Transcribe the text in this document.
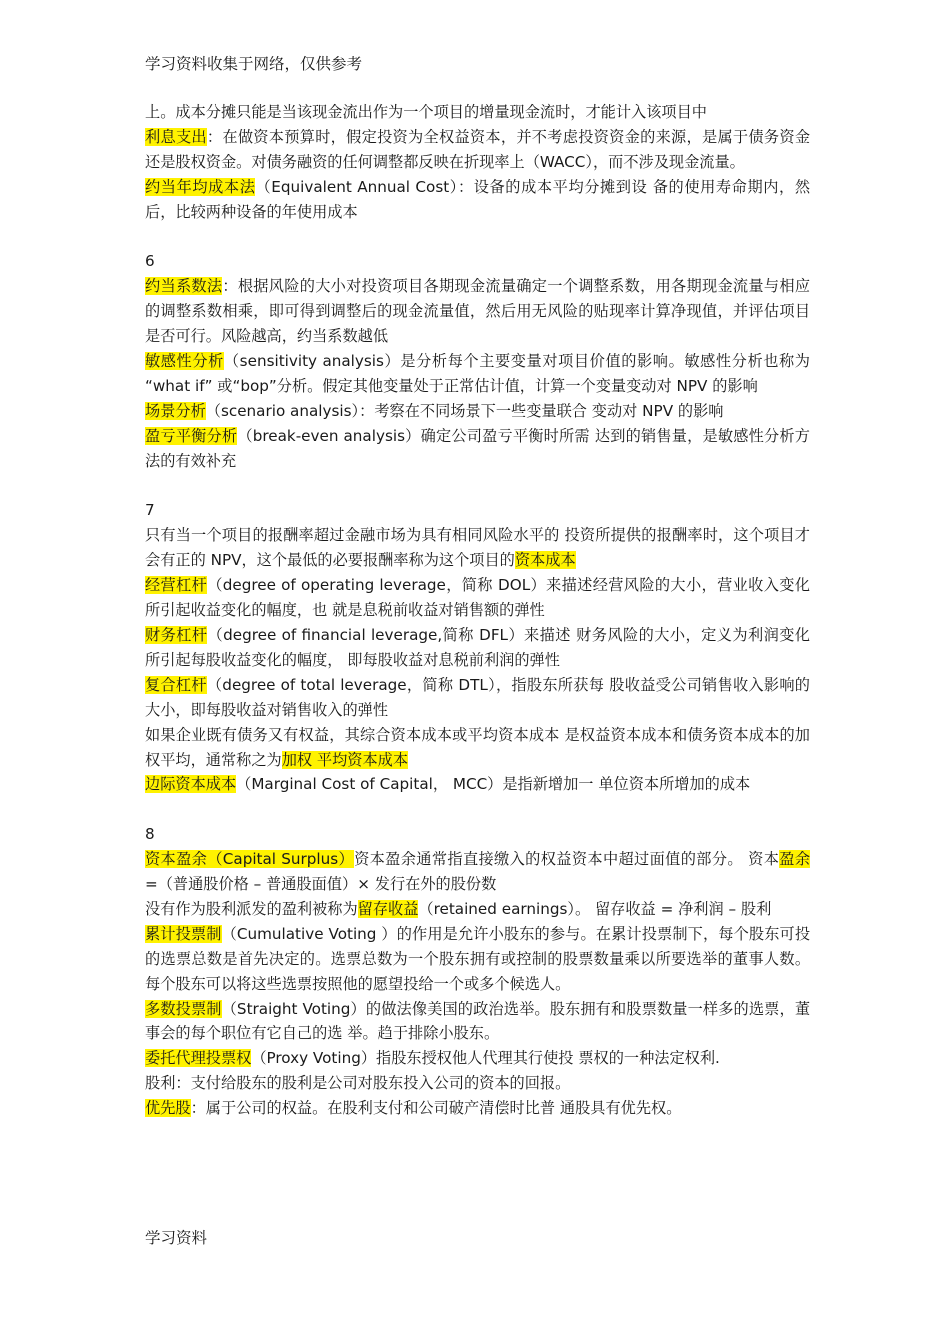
学习资料收集于网络，仅供参考

上。成本分摊只能是当该现金流出作为一个项目的增量现金流时，才能计入该项目中

利息支出：在做资本预算时，假定投资为全权益资本，并不考虑投资资金的来源，是属于债务资金还是股权资金。对债务融资的任何调整都反映在折现率上（WACC），而不涉及现金流量。

约当年均成本法（Equivalent Annual Cost）：设备的成本平均分摊到设 备的使用寿命期内，然后，比较两种设备的年使用成本

6

约当系数法：根据风险的大小对投资项目各期现金流量确定一个调整系数，用各期现金流量与相应的调整系数相乘，即可得到调整后的现金流量值，然后用无风险的贴现率计算净现值，并评估项目是否可行。风险越高，约当系数越低

敏感性分析（sensitivity analysis）是分析每个主要变量对项目价值的影响。敏感性分析也称为 “what if” 或“bop”分析。假定其他变量处于正常估计值，计算一个变量变动对 NPV 的影响

场景分析（scenario analysis）：考察在不同场景下一些变量联合 变动对 NPV 的影响

盈亏平衡分析（break-even analysis）确定公司盈亏平衡时所需 达到的销售量，是敏感性分析方法的有效补充

7

只有当一个项目的报酬率超过金融市场为具有相同风险水平的 投资所提供的报酬率时，这个项目才会有正的 NPV，这个最低的必要报酬率称为这个项目的资本成本

经营杠杆（degree of operating leverage，简称 DOL）来描述经营风险的大小，营业收入变化所引起收益变化的幅度，也 就是息税前收益对销售额的弹性

财务杠杆（degree of financial leverage,简称 DFL）来描述 财务风险的大小，定义为利润变化所引起每股收益变化的幅度， 即每股收益对息税前利润的弹性

复合杠杆（degree of total leverage，简称 DTL），指股东所获每 股收益受公司销售收入影响的大小，即每股收益对销售收入的弹性

如果企业既有债务又有权益，其综合资本成本或平均资本成本 是权益资本成本和债务资本成本的加权平均，通常称之为加权 平均资本成本

边际资本成本（Marginal Cost of Capital， MCC）是指新增加一 单位资本所增加的成本

8

资本盈余（Capital Surplus）资本盈余通常指直接缴入的权益资本中超过面值的部分。 资本盈余 =（普通股价格 – 普通股面值）× 发行在外的股份数

没有作为股利派发的盈利被称为留存收益（retained earnings）。 留存收益 = 净利润 – 股利

累计投票制（Cumulative Voting ）的作用是允许小股东的参与。在累计投票制下，每个股东可投的选票总数是首先决定的。选票总数为一个股东拥有或控制的股票数量乘以所要选举的董事人数。 每个股东可以将这些选票按照他的愿望投给一个或多个候选人。

多数投票制（Straight Voting）的做法像美国的政治选举。股东拥有和股票数量一样多的选票，董事会的每个职位有它自己的选 举。趋于排除小股东。

委托代理投票权（Proxy Voting）指股东授权他人代理其行使投 票权的一种法定权利.

股利：支付给股东的股利是公司对股东投入公司的资本的回报。

优先股：属于公司的权益。在股利支付和公司破产清偿时比普 通股具有优先权。

学习资料
